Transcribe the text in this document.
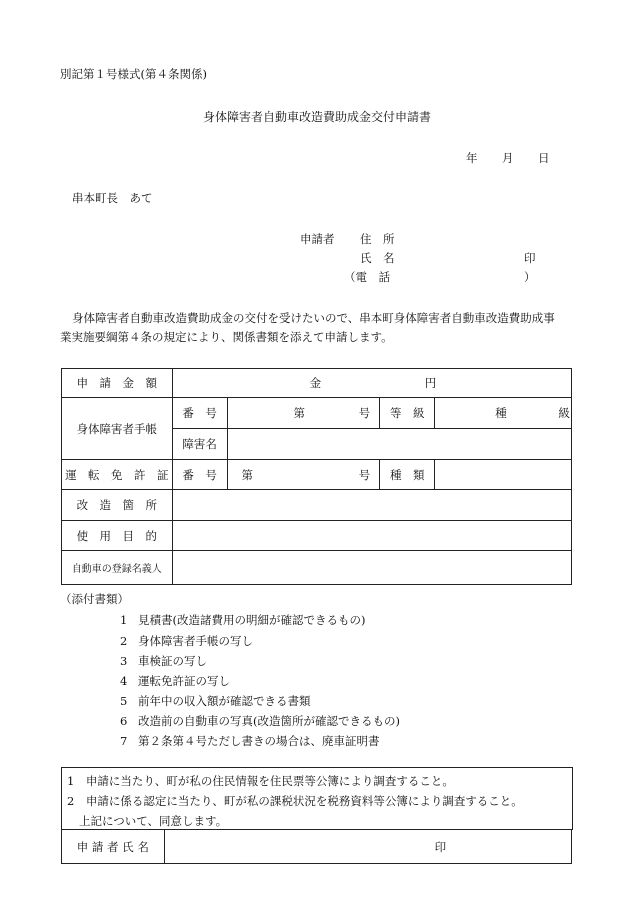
別記第１号様式(第４条関係)
身体障害者自動車改造費助成金交付申請書
年 月 日
串本町長　あて
申請者 住　所
氏　名	印
（電　話	）
身体障害者自動車改造費助成金の交付を受けたいので、串本町身体障害者自動車改造費助成事
業実施要綱第４条の規定により、関係書類を添えて申請します。
申　請　金　額	金 円			
身体障害者手帳	番　号	第 号	等　級	種 級
	障害名			
運　転　免　許　証	番　号	第 号	種　類	
改　造　箇　所				
使　用　目　的				
自動車の登録名義人				
（添付書類）
1 見積書(改造諸費用の明細が確認できるもの)
2 身体障害者手帳の写し
3 車検証の写し
4 運転免許証の写し
5 前年中の収入額が確認できる書類
6 改造前の自動車の写真(改造箇所が確認できるもの)
7 第２条第４号ただし書きの場合は、廃車証明書
1　申請に当たり、町が私の住民情報を住民票等公簿により調査すること。
2　申請に係る認定に当たり、町が私の課税状況を税務資料等公簿により調査すること。
上記について、同意します。
申 請 者 氏 名	印
